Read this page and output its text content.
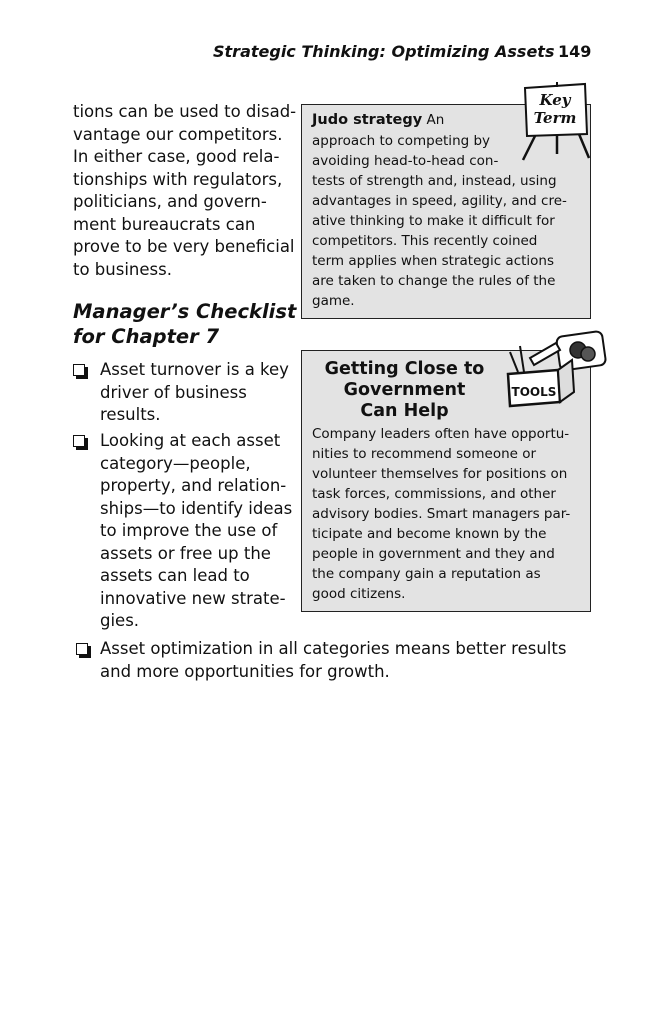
Strategic Thinking: Optimizing Assets 149
tions can be used to disad-
vantage our competitors.
In either case, good rela-
tionships with regulators,
politicians, and govern-
ment bureaucrats can
prove to be very beneficial
to business.
Manager’s Checklist
for Chapter 7
Asset turnover is a key
driver of business
results.
Looking at each asset
category—people,
property, and relation-
ships—to identify ideas
to improve the use of
assets or free up the
assets can lead to
innovative new strate-
gies.
Asset optimization in all categories means better results
and more opportunities for growth.
Judo strategy An
approach to competing by
avoiding head-to-head con-
tests of strength and, instead, using
advantages in speed, agility, and cre-
ative thinking to make it difficult for
competitors. This recently coined
term applies when strategic actions
are taken to change the rules of the
game.
Key
Term
Getting Close to
Government
Can Help
Company leaders often have opportu-
nities to recommend someone or
volunteer themselves for positions on
task forces, commissions, and other
advisory bodies. Smart managers par-
ticipate and become known by the
people in government and they and
the company gain a reputation as
good citizens.
TOOLS
